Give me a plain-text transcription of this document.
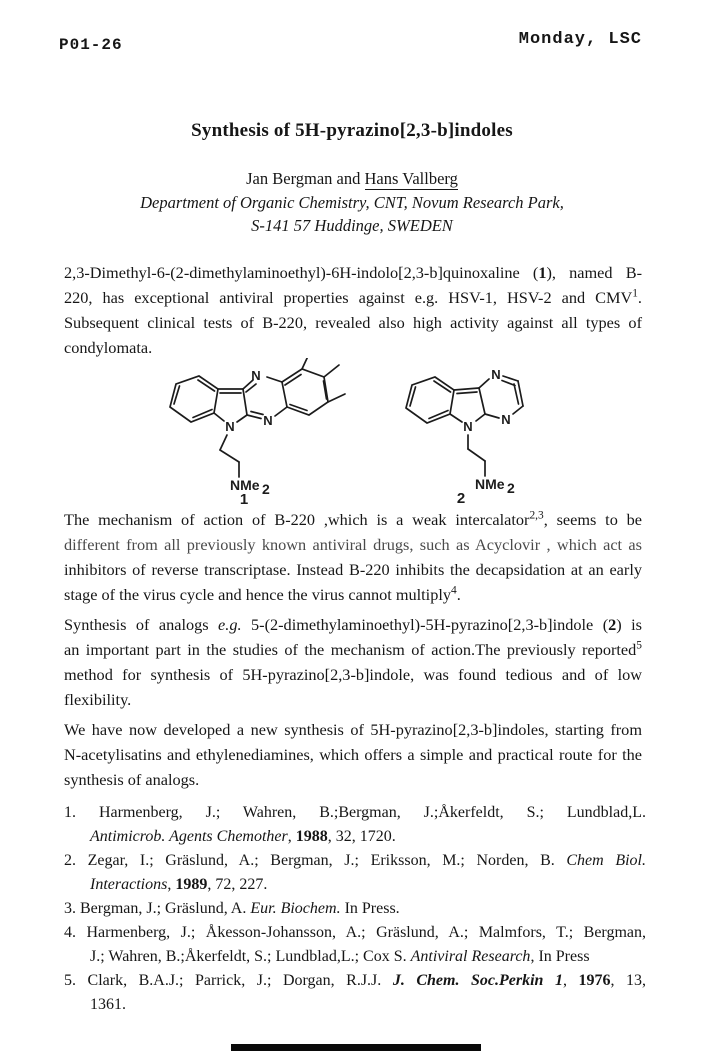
P01-26	Monday, LSC
Synthesis of 5H-pyrazino[2,3-b]indoles
Jan Bergman and Hans Vallberg
Department of Organic Chemistry, CNT, Novum Research Park,
S-141 57 Huddinge, SWEDEN
2,3-Dimethyl-6-(2-dimethylaminoethyl)-6H-indolo[2,3-b]quinoxaline (1), named B-
220, has exceptional antiviral properties against e.g. HSV-1, HSV-2 and CMV$^1$.
Subsequent clinical tests of B-220, revealed also high activity against all types of
condylomata.
N
N
N
NMe 2
1
N
N
N
NMe 2
2
The mechanism of action of B-220 ,which is a weak intercalator$^{2,3}$, seems to be
different from all previously known antiviral drugs, such as Acyclovir , which act as
inhibitors of reverse transcriptase. Instead B-220 inhibits the decapsidation at an early
stage of the virus cycle and hence the virus cannot multiply$^4$.
Synthesis of analogs e.g. 5-(2-dimethylaminoethyl)-5H-pyrazino[2,3-b]indole (2) is
an important part in the studies of the mechanism of action.The previously reported$^5$
method for synthesis of 5H-pyrazino[2,3-b]indole, was found tedious and of low
flexibility.
We have now developed a new synthesis of 5H-pyrazino[2,3-b]indoles, starting from
N-acetylisatins and ethylenediamines, which offers a simple and practical route for the
synthesis of analogs.
1. Harmenberg, J.; Wahren, B.;Bergman, J.;Åkerfeldt, S.; Lundblad,L.
Antimicrob. Agents Chemother, 1988, 32, 1720.
2. Zegar, I.; Gräslund, A.; Bergman, J.; Eriksson, M.; Norden, B. Chem Biol.
Interactions, 1989, 72, 227.
3. Bergman, J.; Gräslund, A. Eur. Biochem. In Press.
4. Harmenberg, J.; Åkesson-Johansson, A.; Gräslund, A.; Malmfors, T.; Bergman,
J.; Wahren, B.;Åkerfeldt, S.; Lundblad,L.; Cox S. Antiviral Research, In Press
5. Clark, B.A.J.; Parrick, J.; Dorgan, R.J.J. J. Chem. Soc.Perkin 1, 1976, 13,
1361.
